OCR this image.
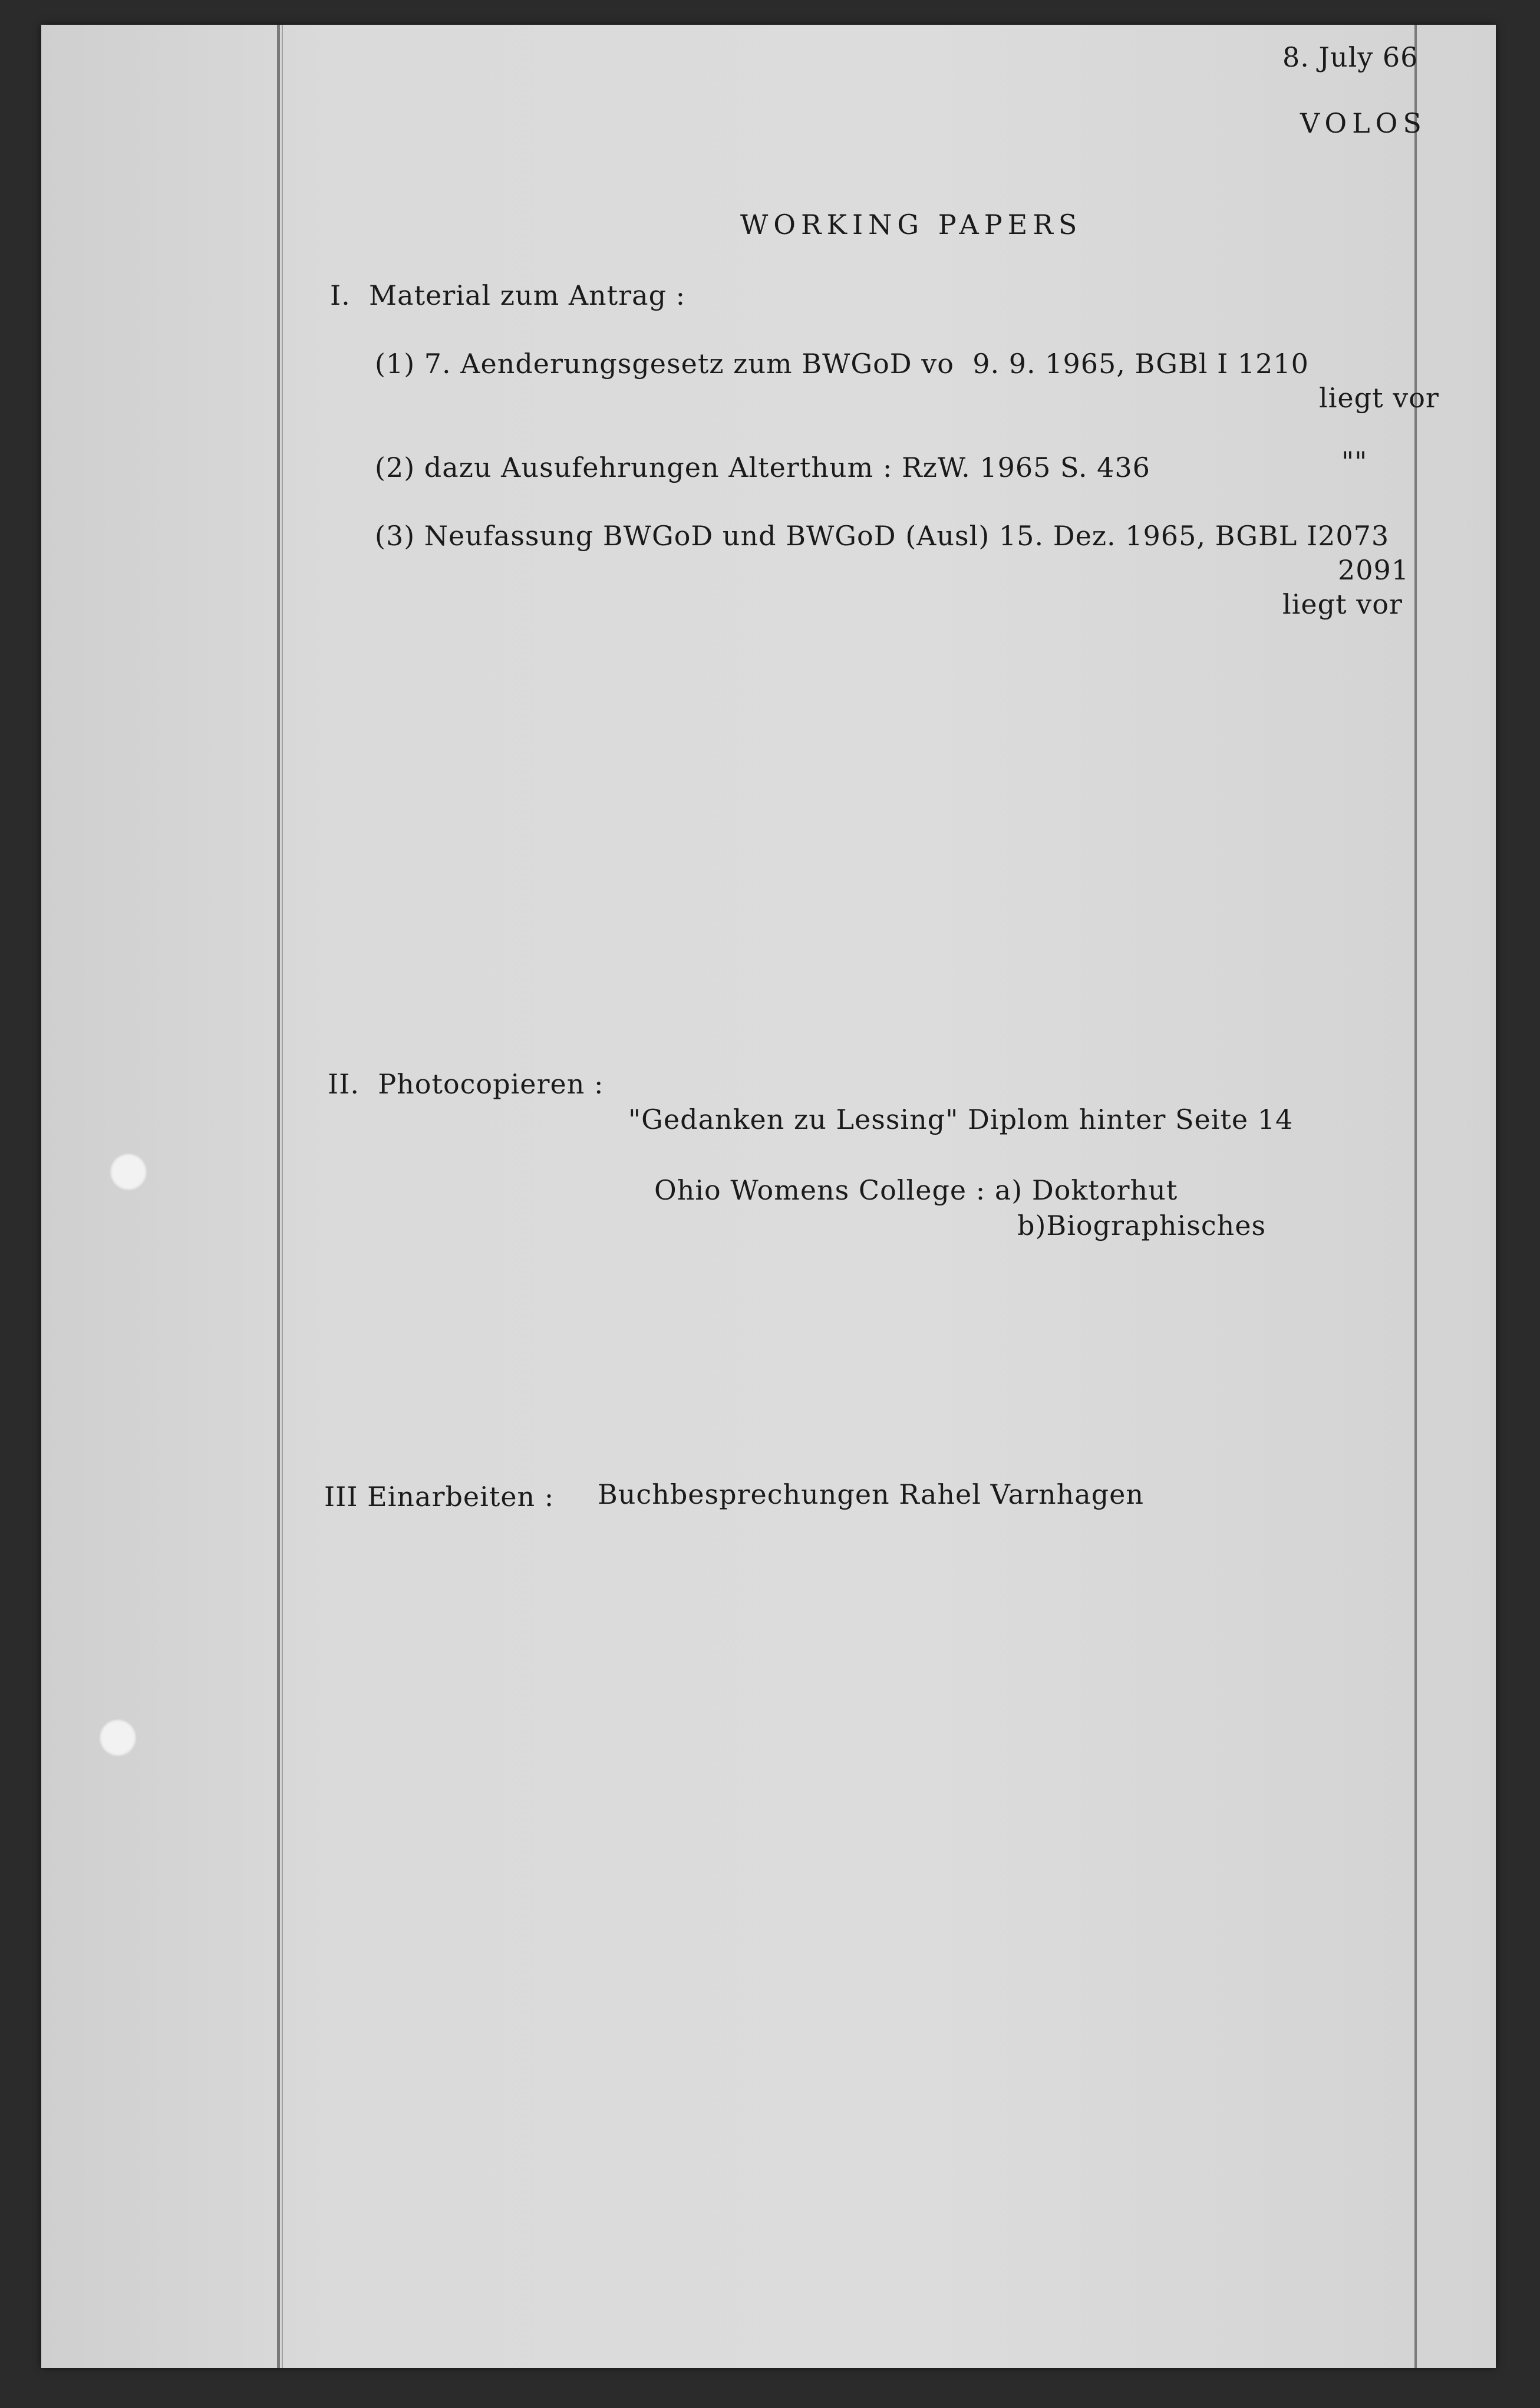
8. July 66
VOLOS
WORKING PAPERS
I.  Material zum Antrag :
(1) 7. Aenderungsgesetz zum BWGoD vo  9. 9. 1965, BGBl I 1210
liegt vor
(2) dazu Ausufehrungen Alterthum : RzW. 1965 S. 436	""
(3) Neufassung BWGoD und BWGoD (Ausl) 15. Dez. 1965, BGBL I2073
2091
liegt vor
II.  Photocopieren :
"Gedanken zu Lessing" Diplom hinter Seite 14
Ohio Womens College : a) Doktorhut
b)Biographisches
III Einarbeiten : Buchbesprechungen Rahel Varnhagen
